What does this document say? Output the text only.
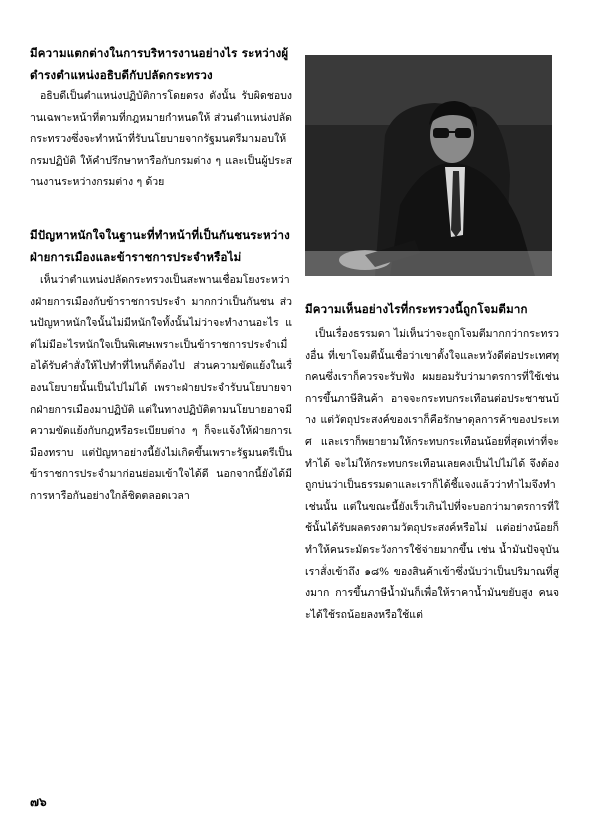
มีความแตกต่างในการบริหารงานอย่างไร ระหว่างผู้ดำรงตำแหน่งอธิบดีกับปลัดกระทรวง

อธิบดีเป็นตำแหน่งปฏิบัติการโดยตรง ดังนั้น รับผิดชอบงานเฉพาะหน้าที่ตามที่กฎหมายกำหนดให้ ส่วนตำแหน่งปลัดกระทรวงซึ่งจะทำหน้าที่รับนโยบายจากรัฐมนตรีมามอบให้กรมปฏิบัติ ให้คำปรึกษาหารือกับกรมต่าง ๆ และเป็นผู้ประสานงานระหว่างกรมต่าง ๆ ด้วย

มีปัญหาหนักใจในฐานะที่ทำหน้าที่เป็นกันชนระหว่างฝ่ายการเมืองและข้าราชการประจำหรือไม่

เห็นว่าตำแหน่งปลัดกระทรวงเป็นสะพานเชื่อมโยงระหว่างฝ่ายการเมืองกับข้าราชการประจำ มากกว่าเป็นกันชน ส่วนปัญหาหนักใจนั้นไม่มีหนักใจทั้งนั้นไม่ว่าจะทำงานอะไร แต่ไม่มีอะไรหนักใจเป็นพิเศษเพราะเป็นข้าราชการประจำเมื่อได้รับคำสั่งให้ไปทำที่ไหนก็ต้องไป ส่วนความขัดแย้งในเรื่องนโยบายนั้นเป็นไปไม่ได้ เพราะฝ่ายประจำรับนโยบายจากฝ่ายการเมืองมาปฏิบัติ แต่ในทางปฏิบัติตามนโยบายอาจมีความขัดแย้งกับกฎหรือระเบียบต่าง ๆ ก็จะแจ้งให้ฝ่ายการเมืองทราบ แต่ปัญหาอย่างนี้ยังไม่เกิดขึ้นเพราะรัฐมนตรีเป็นข้าราชการประจำมาก่อนย่อมเข้าใจได้ดี นอกจากนี้ยังได้มีการหารือกันอย่างใกล้ชิดตลอดเวลา

มีความเห็นอย่างไรที่กระทรวงนี้ถูกโจมตีมาก

เป็นเรื่องธรรมดา ไม่เห็นว่าจะถูกโจมตีมากกว่ากระทรวงอื่น ที่เขาโจมตีนั้นเชื่อว่าเขาตั้งใจและหวังดีต่อประเทศทุกคนซึ่งเราก็ควรจะรับฟัง ผมยอมรับว่ามาตรการที่ใช้เช่นการขึ้นภาษีสินค้า อาจจะกระทบกระเทือนต่อประชาชนบ้าง แต่วัตถุประสงค์ของเราก็คือรักษาดุลการค้าของประเทศ และเราก็พยายามให้กระทบกระเทือนน้อยที่สุดเท่าที่จะทำได้ จะไม่ให้กระทบกระเทือนเลยคงเป็นไปไม่ได้ จึงต้องถูกบ่นว่าเป็นธรรมดาและเราก็ได้ชี้แจงแล้วว่าทำไมจึงทำเช่นนั้น แต่ในขณะนี้ยังเร็วเกินไปที่จะบอกว่ามาตรการที่ใช้นั้นได้รับผลตรงตามวัตถุประสงค์หรือไม่ แต่อย่างน้อยก็ทำให้คนระมัดระวังการใช้จ่ายมากขึ้น เช่น น้ำมันปัจจุบันเราสั่งเข้าถึง ๑๘% ของสินค้าเข้าซึ่งนับว่าเป็นปริมาณที่สูงมาก การขึ้นภาษีน้ำมันก็เพื่อให้ราคาน้ำมันขยับสูง คนจะได้ใช้รถน้อยลงหรือใช้แต่

๗๖
